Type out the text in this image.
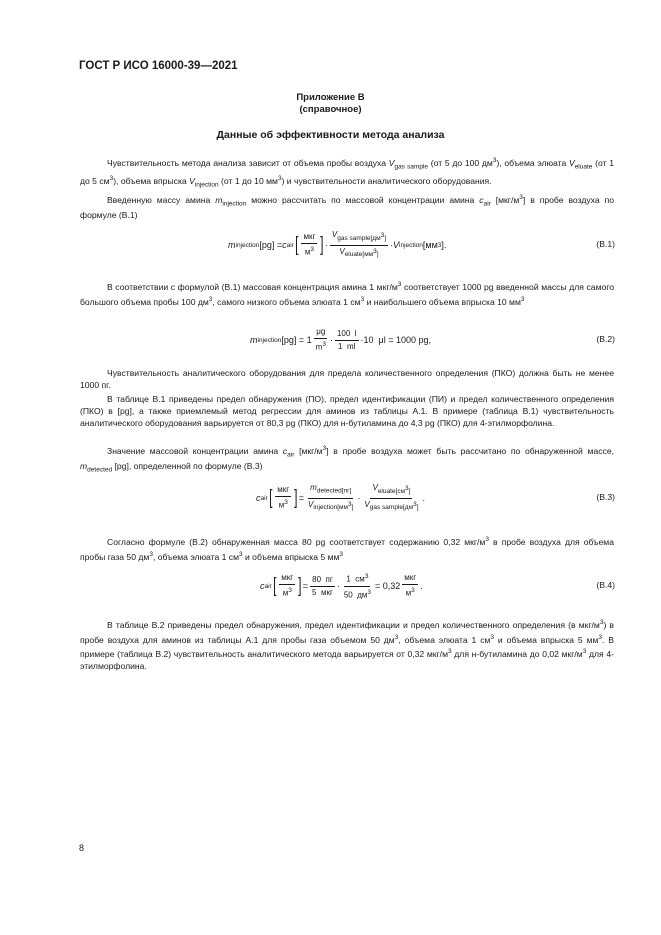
ГОСТ Р ИСО 16000-39—2021
Приложение В
(справочное)
Данные об эффективности метода анализа
Чувствительность метода анализа зависит от объема пробы воздуха $V_{gas sample}$ (от 5 до 100 $дм^3$), объема элюата $V_{eluate}$ (от 1 до 5 $см^3$), объема впрыска $V_{injection}$ (от 1 до 10 $мм^3$) и чувствительности аналитического оборудования.
Введенную массу амина $m_{injection}$ можно рассчитать по массовой концентрации амина $c_{air}$ $[мкг/м^3]$ в пробе воздуха по формуле (В.1)
m injection [pg] = c air [ $\frac{\text{мкг}}{м^3}$ ] · $\frac{V_{gas sample[дм^3]}}{V_{eluate[мм^3]}} \cdot V$ injection [мм 3 ].	(В.1)
В соответствии с формулой (В.1) массовая концентрация амина 1 мкг/$м^3$ соответствует 1000 pg введенной массы для самого большого объема пробы 100 $дм^3$, самого низкого объема элюата 1 $см^3$ и наибольшего объема впрыска 10 $мм^3$
m injection $[pg] = 1 \frac{\mu g}{m^3} \cdot \frac{100 l}{1 ml} \cdot 10$  μl = 1000 pg,	(В.2)
Чувствительность аналитического оборудования для предела количественного определения (ПКО) должна быть не менее 1000 пг.
В таблице В.1 приведены предел обнаружения (ПО), предел идентификации (ПИ) и предел количественного определения (ПКО) в [pg], а также приемлемый метод регрессии для аминов из таблицы А.1. В примере (таблица В.1) чувствительность аналитического оборудования варьируется от 80,3 pg (ПКО) для н-бутиламина до 4,3 pg (ПКО) для 4-этилморфолина.
Значение массовой концентрации амина $c_{air}$ $[мкг/м^3]$ в пробе воздуха может быть рассчитано по обнаруженной массе, $m_{detected}$ [pg], определенной по формуле (В.3)
c air [ $\frac{\text{мкг}}{м^3}$ ] = $\frac{m_{detected[пг]}}{V_{injection[мм^3]}} \cdot \frac{V_{eluate[см^3]}}{V_{gas sample[дм^3]}}$ .	(В.3)
Согласно формуле (В.2) обнаруженная масса 80 pg соответствует содержанию 0,32 мкг/$м^3$ в пробе воздуха для объема пробы газа 50 $дм^3$, объема элюата 1 $см^3$ и объема впрыска 5 $мм^3$
c air [ $\frac{\text{мкг}}{м^3}$ ] = $\frac{80 пг}{\text{5  мкг}} \cdot \frac{1 см^3}{50 дм^3} = 0,32 \frac{\text{мкг}}{м^3}$ .	(В.4)
В таблице В.2 приведены предел обнаружения, предел идентификации и предел количественного определения (в мкг/$м^3$) в пробе воздуха для аминов из таблицы А.1 для пробы газа объемом 50 $дм^3$, объема элюата 1 $см^3$ и объема впрыска 5 $мм^3$. В примере (таблица В.2) чувствительность аналитического метода варьируется от 0,32 мкг/$м^3$ для н-бутиламина до 0,02 мкг/$м^3$ для 4-этилморфолина.
8
